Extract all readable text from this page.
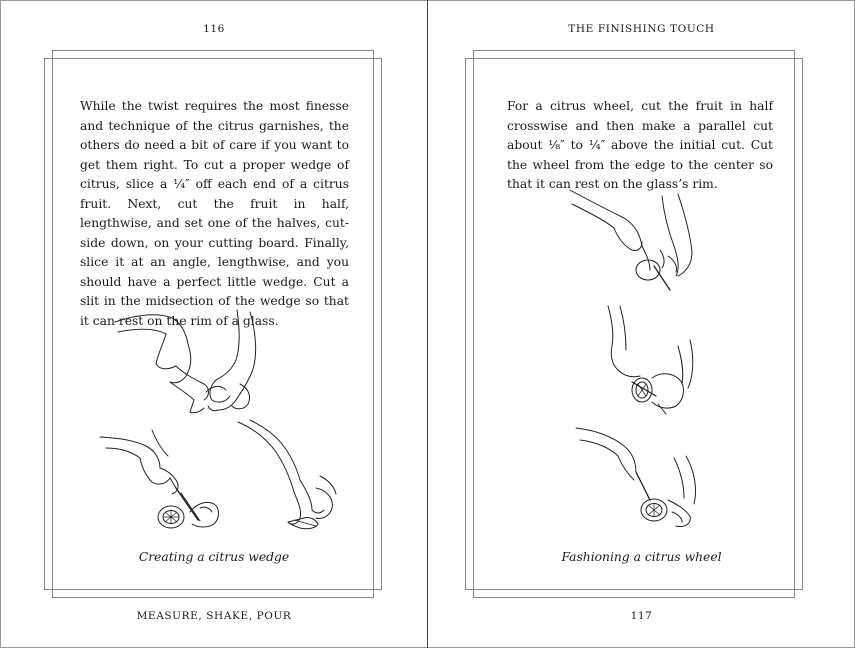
116

While the twist requires the most finesse and technique of the citrus garnishes, the others do need a bit of care if you want to get them right. To cut a proper wedge of citrus, slice a ¼″ off each end of a citrus fruit. Next, cut the fruit in half, lengthwise, and set one of the halves, cut-side down, on your cutting board. Finally, slice it at an angle, lengthwise, and you should have a perfect little wedge. Cut a slit in the midsection of the wedge so that it can rest on the rim of a glass.

Creating a citrus wedge
MEASURE, SHAKE, POUR
THE FINISHING TOUCH

For a citrus wheel, cut the fruit in half crosswise and then make a parallel cut about ⅛″ to ¼″ above the initial cut. Cut the wheel from the edge to the center so that it can rest on the glass’s rim.

Fashioning a citrus wheel
117
